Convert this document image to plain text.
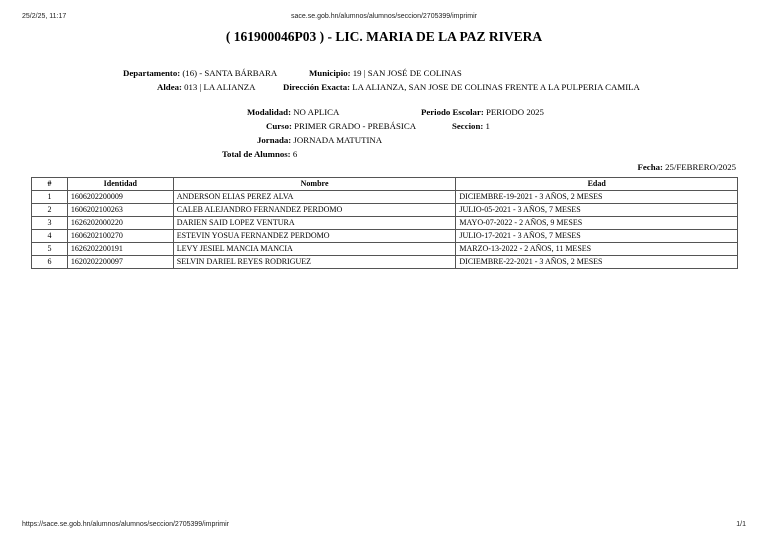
25/2/25, 11:17	sace.se.gob.hn/alumnos/alumnos/seccion/2705399/imprimir
( 161900046P03 ) - LIC. MARIA DE LA PAZ RIVERA
Departamento: (16) - SANTA BÁRBARA	Municipio: 19 | SAN JOSÉ DE COLINAS
Aldea: 013 | LA ALIANZA	Dirección Exacta: LA ALIANZA, SAN JOSE DE COLINAS FRENTE A LA PULPERIA CAMILA
Modalidad: NO APLICA	Periodo Escolar: PERIODO 2025
Curso: PRIMER GRADO - PREBÁSICA	Seccion: 1
Jornada: JORNADA MATUTINA
Total de Alumnos: 6
Fecha: 25/FEBRERO/2025
#	Identidad	Nombre	Edad
1	1606202200009	ANDERSON ELIAS PEREZ ALVA	DICIEMBRE-19-2021 - 3 AÑOS, 2 MESES
2	1606202100263	CALEB ALEJANDRO FERNANDEZ PERDOMO	JULIO-05-2021 - 3 AÑOS, 7 MESES
3	1626202000220	DARIEN SAID LOPEZ VENTURA	MAYO-07-2022 - 2 AÑOS, 9 MESES
4	1606202100270	ESTEVIN YOSUA FERNANDEZ PERDOMO	JULIO-17-2021 - 3 AÑOS, 7 MESES
5	1626202200191	LEVY JESIEL MANCIA MANCIA	MARZO-13-2022 - 2 AÑOS, 11 MESES
6	1620202200097	SELVIN DARIEL REYES RODRIGUEZ	DICIEMBRE-22-2021 - 3 AÑOS, 2 MESES
https://sace.se.gob.hn/alumnos/alumnos/seccion/2705399/imprimir	1/1
